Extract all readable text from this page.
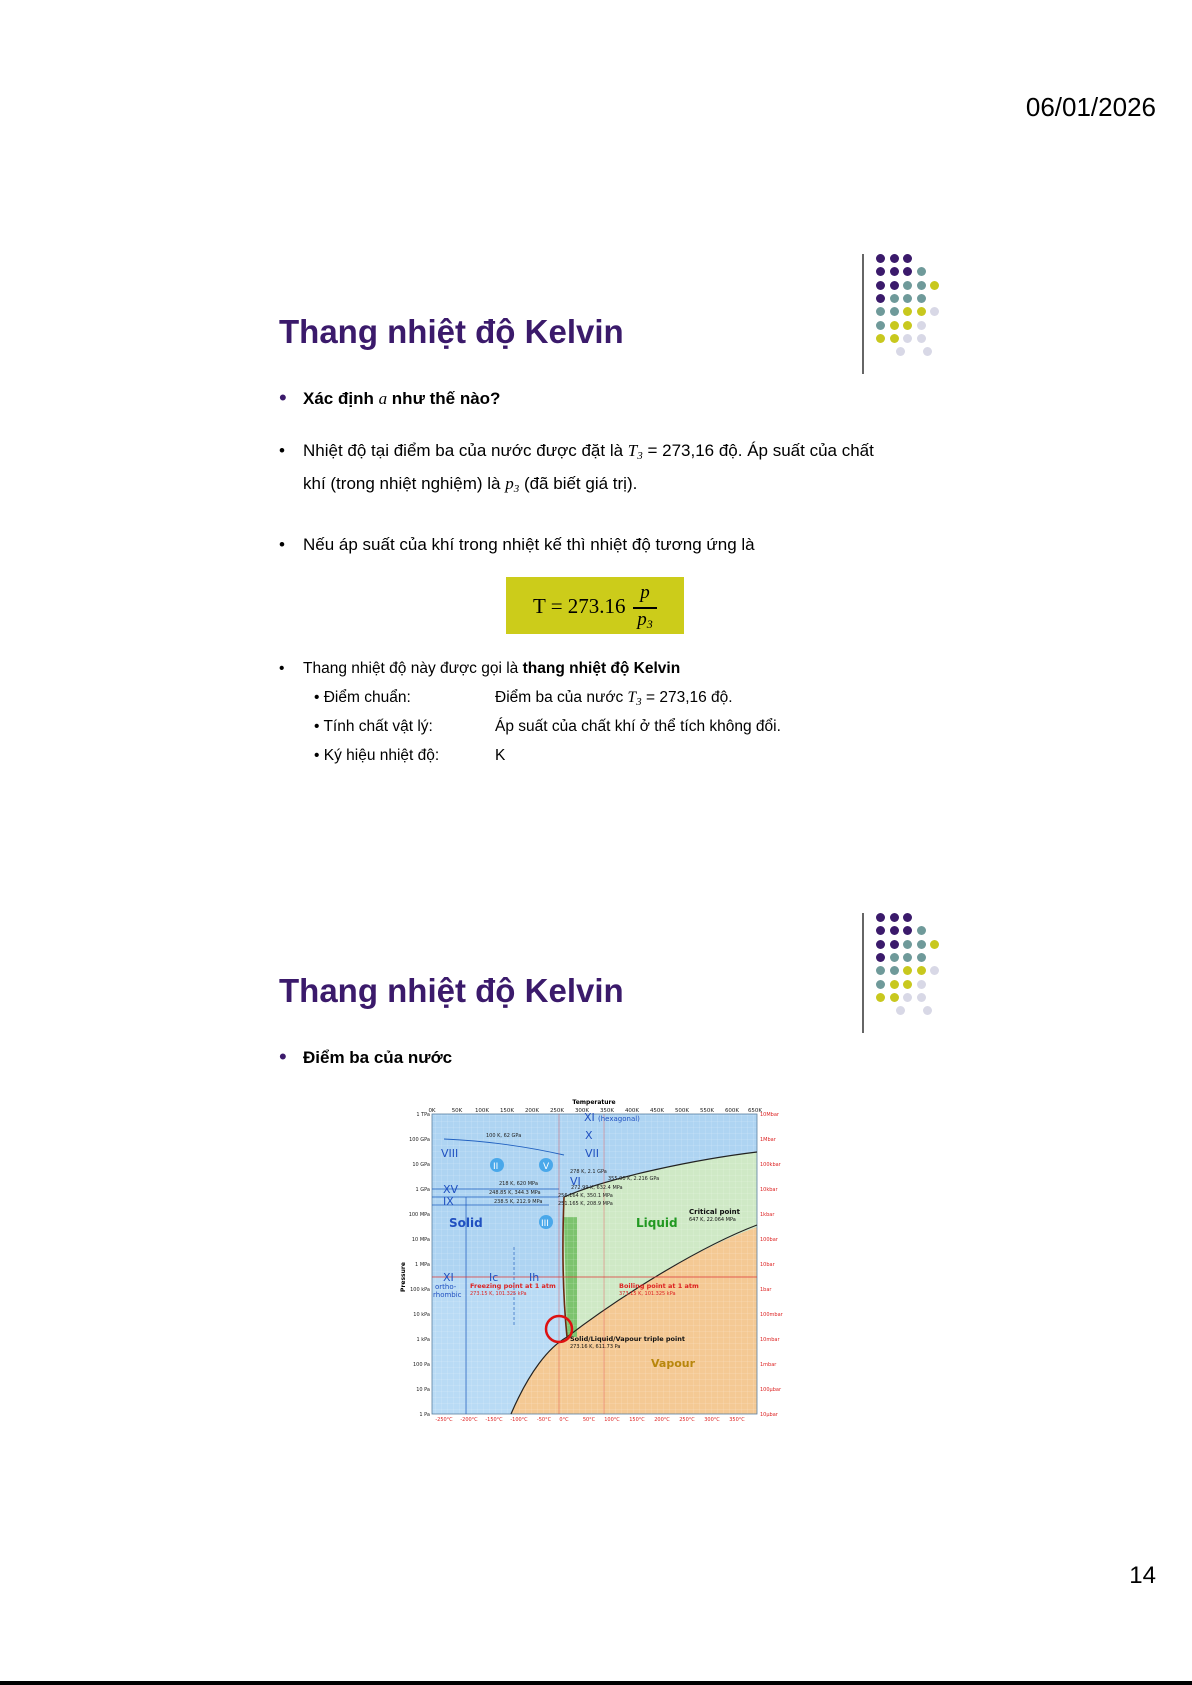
06/01/2026
Thang nhiệt độ Kelvin
• Xác định a như thế nào?
• Nhiệt độ tại điểm ba của nước được đặt là $T_3 = 273,16$ độ. Áp suất của chất
khí (trong nhiệt nghiệm) là $p_3$ (đã biết giá trị).
• Nếu áp suất của khí trong nhiệt kế thì nhiệt độ tương ứng là
T = 273.16
p
$p_3$
• Thang nhiệt độ này được gọi là thang nhiệt độ Kelvin
• Điểm chuẩn:	Điểm ba của nước $T_3 = 273,16$ độ.
• Tính chất vật lý:	Áp suất của chất khí ở thể tích không đổi.
• Ký hiệu nhiệt độ:	K
Thang nhiệt độ Kelvin
• Điểm ba của nước
Temperature
0K	50K 100K 150K 200K 250K 300K 350K 400K 450K 500K 550K 600K 650K
-250°C -200°C -150°C -100°C -50°C 0°C	50°C 100°C 150°C 200°C 250°C 300°C 350°C
1 TPa
100 GPa
10 GPa
1 GPa
100 MPa
10 MPa
1 MPa
100 kPa
10 kPa
1 kPa
100 Pa
10 Pa
1 Pa
10Mbar
1Mbar
100kbar
10kbar
1kbar
100bar
10bar
1bar
100mbar
10mbar
1mbar
100µbar
10µbar
Pressure
XI (hexagonal)
X
VIII	VII
II	V
VI
XV
IX
III
Solid
XI	Ic	Ih
ortho-
rhombic
100 K, 62 GPa
278 K, 2.1 GPa
355.00 K, 2.216 GPa
218 K, 620 MPa
248.85 K, 344.3 MPa
238.5 K, 212.9 MPa
272.99 K, 632.4 MPa
256.164 K, 350.1 MPa
251.165 K, 208.9 MPa
Liquid
Critical point
647 K, 22.064 MPa
Freezing point at 1 atm
273.15 K, 101.325 kPa
Boiling point at 1 atm
373.15 K, 101.325 kPa
Solid/Liquid/Vapour triple point
273.16 K, 611.73 Pa
Vapour
14
